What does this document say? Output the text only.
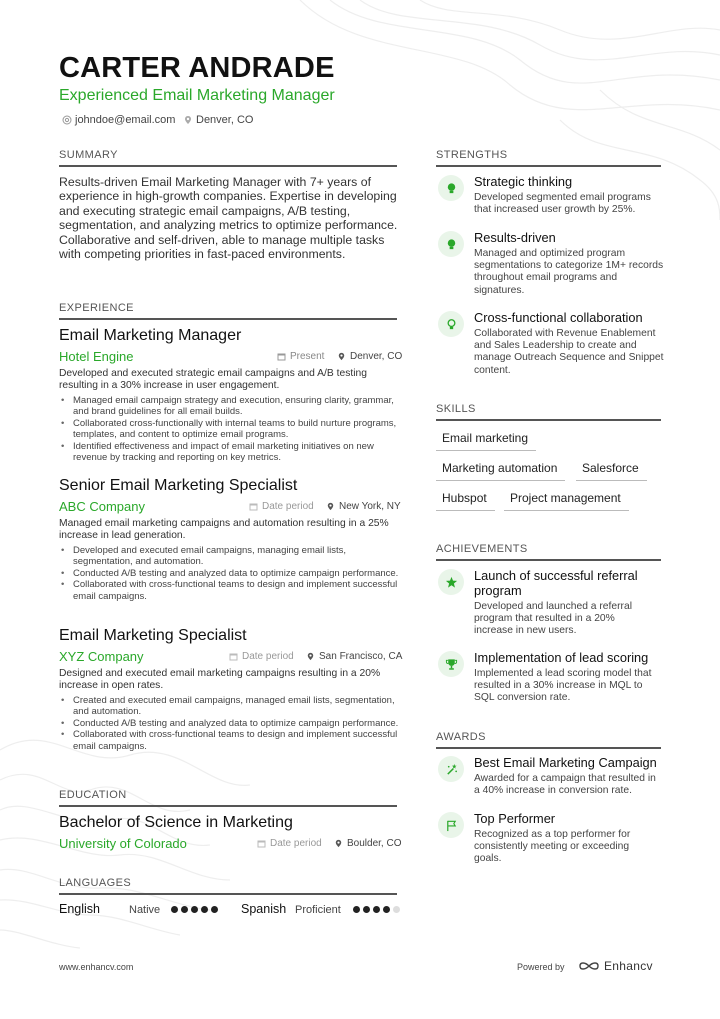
CARTER ANDRADE
Experienced Email Marketing Manager
johndoe@email.com Denver, CO
SUMMARY
Results-driven Email Marketing Manager with 7+ years of experience in high-growth companies. Expertise in developing and executing strategic email campaigns, A/B testing, segmentation, and analyzing metrics to optimize performance. Collaborative and self-driven, able to manage multiple tasks with competing priorities in fast-paced environments.
EXPERIENCE
Email Marketing Manager
Hotel Engine	Present	Denver, CO
Developed and executed strategic email campaigns and A/B testing resulting in a 30% increase in user engagement.
• Managed email campaign strategy and execution, ensuring clarity, grammar, and brand guidelines for all email builds.
• Collaborated cross-functionally with internal teams to build nurture programs, templates, and content to optimize email programs.
• Identified effectiveness and impact of email marketing initiatives on new revenue by tracking and reporting on key metrics.
Senior Email Marketing Specialist
ABC Company	Date period	New York, NY
Managed email marketing campaigns and automation resulting in a 25% increase in lead generation.
• Developed and executed email campaigns, managing email lists, segmentation, and automation.
• Conducted A/B testing and analyzed data to optimize campaign performance.
• Collaborated with cross-functional teams to design and implement successful email campaigns.
Email Marketing Specialist
XYZ Company	Date period	San Francisco, CA
Designed and executed email marketing campaigns resulting in a 20% increase in open rates.
• Created and executed email campaigns, managed email lists, segmentation, and automation.
• Conducted A/B testing and analyzed data to optimize campaign performance.
• Collaborated with cross-functional teams to design and implement successful email campaigns.
EDUCATION
Bachelor of Science in Marketing
University of Colorado	Date period	Boulder, CO
LANGUAGES
English	Native	Spanish Proficient
STRENGTHS
Strategic thinking
Developed segmented email programs that increased user growth by 25%.
Results-driven
Managed and optimized program segmentations to categorize 1M+ records throughout email programs and signatures.
Cross-functional collaboration
Collaborated with Revenue Enablement and Sales Leadership to create and manage Outreach Sequence and Snippet content.
SKILLS
Email marketing
Marketing automation	Salesforce
Hubspot	Project management
ACHIEVEMENTS
Launch of successful referral program
Developed and launched a referral program that resulted in a 20% increase in new users.
Implementation of lead scoring
Implemented a lead scoring model that resulted in a 30% increase in MQL to SQL conversion rate.
AWARDS
Best Email Marketing Campaign
Awarded for a campaign that resulted in a 40% increase in conversion rate.
Top Performer
Recognized as a top performer for consistently meeting or exceeding goals.
www.enhancv.com	Powered by	Enhancv
